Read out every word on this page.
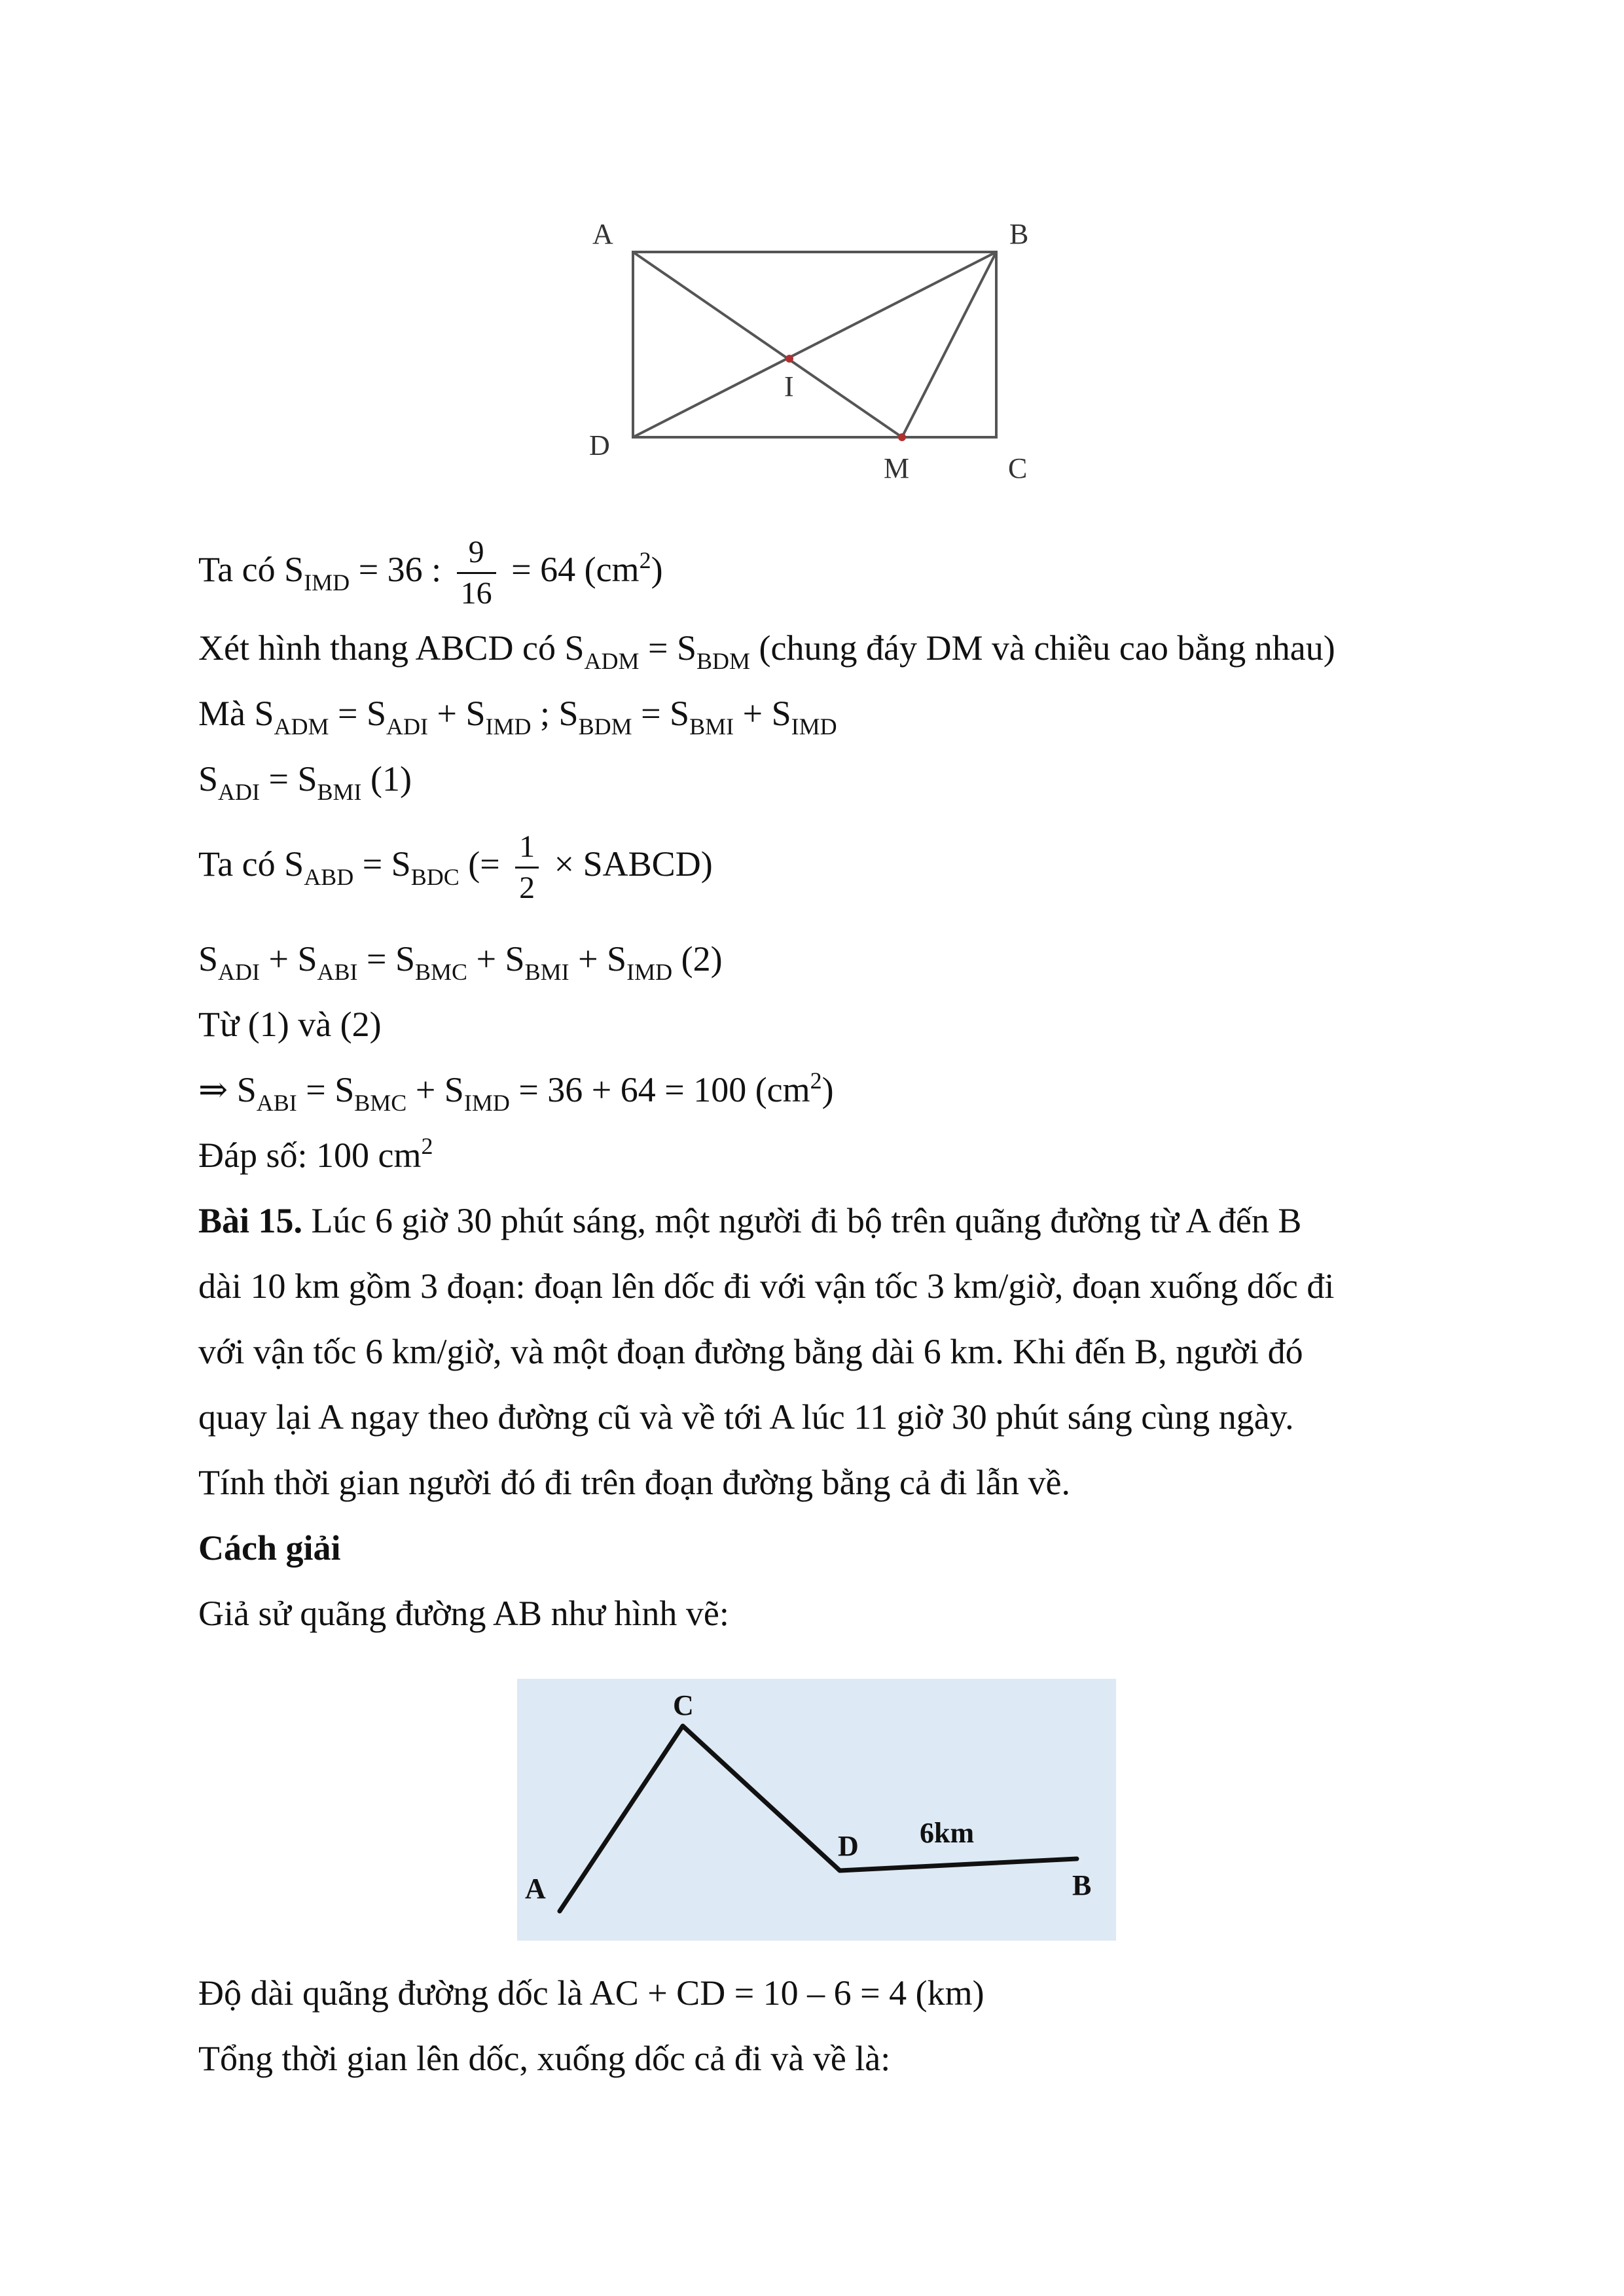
A	B
D
C
M
I
Ta có $S_{IMD} = 36$ : $\frac{9}{16} = 64$ $(cm^2)$
Xét hình thang ABCD có $S_{ADM} = S_{BDM}$ (chung đáy DM và chiều cao bằng nhau)
Mà $S_{ADM} = S_{ADI} + S_{IMD}$ ; $S_{BDM} = S_{BMI} + S_{IMD}$
$S_{ADI} = S_{BMI}$ (1)
Ta có $S_{ABD} = S_{BDC}$ (= $\frac{1}{2}$ × SABCD)
$S_{ADI} + S_{ABI} = S_{BMC} + S_{BMI} + S_{IMD}$ (2)
Từ (1) và (2)
⇒ $S_{ABI} = S_{BMC} + S_{IMD} = 36 + 64 = 100$ $(cm^2)$
Đáp số: 100 $cm^2$
Bài 15. Lúc 6 giờ 30 phút sáng, một người đi bộ trên quãng đường từ A đến B
dài 10 km gồm 3 đoạn: đoạn lên dốc đi với vận tốc 3 km/giờ, đoạn xuống dốc đi
với vận tốc 6 km/giờ, và một đoạn đường bằng dài 6 km. Khi đến B, người đó
quay lại A ngay theo đường cũ và về tới A lúc 11 giờ 30 phút sáng cùng ngày.
Tính thời gian người đó đi trên đoạn đường bằng cả đi lẫn về.
Cách giải
Giả sử quãng đường AB như hình vẽ:
C
A
D 6km
B
Độ dài quãng đường dốc là AC + CD = 10 – 6 = 4 (km)
Tổng thời gian lên dốc, xuống dốc cả đi và về là:
